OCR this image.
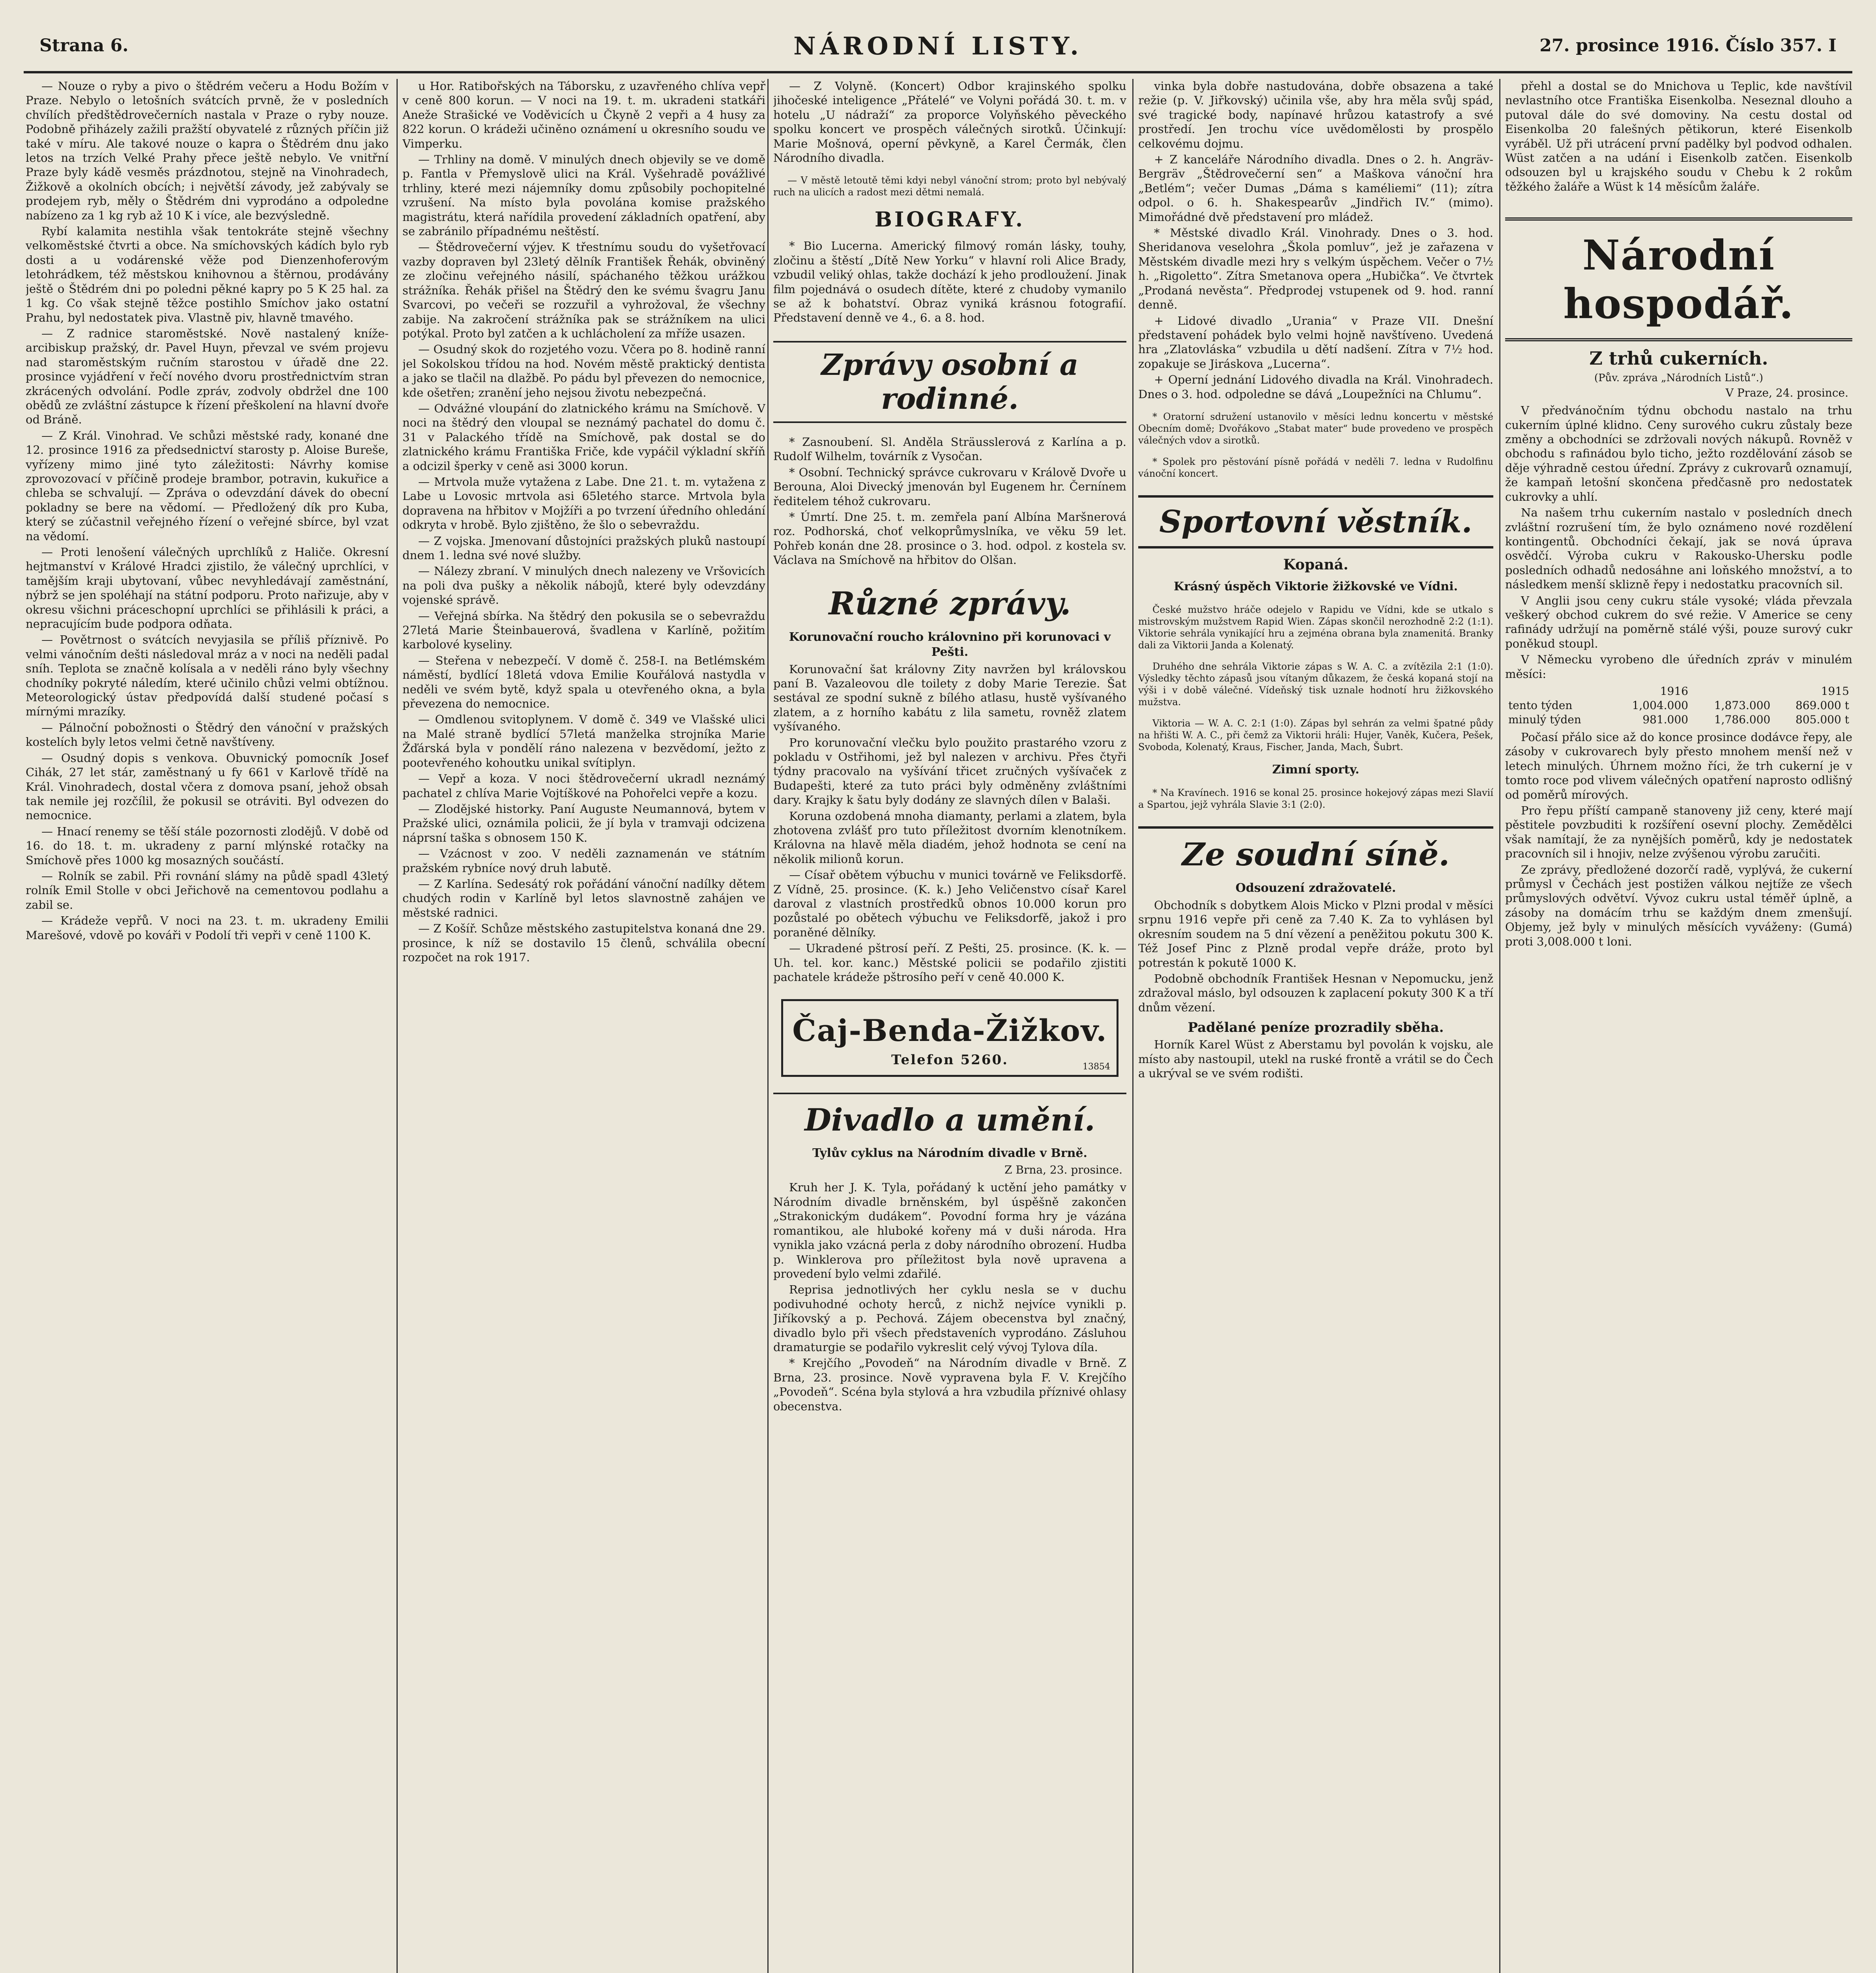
Strana 6.	NÁRODNÍ LISTY.	27. prosince 1916. Číslo 357. I

— Nouze o ryby a pivo o štědrém večeru a Hodu Božím v Praze. Nebylo o letošních svátcích prvně, že v posledních chvílích předštědrovečerních nastala v Praze o ryby nouze. Podobně přiházely zažili pražští obyvatelé z různých příčin již také v míru. Ale takové nouze o kapra o Štědrém dnu jako letos na trzích Velké Prahy přece ještě nebylo. Ve vnitřní Praze byly kádě vesměs prázdnotou, stejně na Vinohradech, Žižkově a okolních obcích; i největší závody, jež zabývaly se prodejem ryb, měly o Štědrém dni vyprodáno a odpoledne nabízeno za 1 kg ryb až 10 K i více, ale bezvýsledně.

Rybí kalamita nestihla však tentokráte stejně všechny velkoměstské čtvrti a obce. Na smíchovských kádích bylo ryb dosti a u vodárenské věže pod Dienzenhoferovým letohrádkem, též městskou knihovnou a štěrnou, prodávány ještě o Štědrém dni po poledni pěkné kapry po 5 K 25 hal. za 1 kg. Co však stejně těžce postihlo Smíchov jako ostatní Prahu, byl nedostatek piva. Vlastně piv, hlavně tmavého.

— Z radnice staroměstské. Nově nastalený kníže-arcibiskup pražský, dr. Pavel Huyn, převzal ve svém projevu nad staroměstským ručním starostou v úřadě dne 22. prosince vyjádření v řečí nového dvoru prostřednictvím stran zkrácených odvolání. Podle zpráv, zodvoly obdržel dne 100 obědů ze zvláštní zástupce k řízení přeškolení na hlavní dvoře od Bráně.

— Z Král. Vinohrad. Ve schůzi městské rady, konané dne 12. prosince 1916 za předsednictví starosty p. Aloise Bureše, vyřízeny mimo jiné tyto záležitosti: Návrhy komise zprovozovací v příčině prodeje brambor, potravin, kukuřice a chleba se schvalují. — Zpráva o odevzdání dávek do obecní pokladny se bere na vědomí. — Předložený dík pro Kuba, který se zúčastnil veřejného řízení o veřejné sbírce, byl vzat na vědomí.

— Proti lenošení válečných uprchlíků z Haliče. Okresní hejtmanství v Králové Hradci zjistilo, že válečný uprchlíci, v tamějším kraji ubytovaní, vůbec nevyhledávají zaměstnání, nýbrž se jen spoléhají na státní podporu. Proto nařizuje, aby v okresu všichni práceschopní uprchlíci se přihlásili k práci, a nepracujícím bude podpora odňata.

— Povětrnost o svátcích nevyjasila se příliš příznivě. Po velmi vánočním dešti následoval mráz a v noci na neděli padal sníh. Teplota se značně kolísala a v neděli ráno byly všechny chodníky pokryté náledím, které učinilo chůzi velmi obtížnou. Meteorologický ústav předpovídá další studené počasí s mírnými mrazíky.

— Pálnoční pobožnosti o Štědrý den vánoční v pražských kostelích byly letos velmi četně navštíveny.

— Osudný dopis s venkova. Obuvnický pomocník Josef Cihák, 27 let stár, zaměstnaný u fy 661 v Karlově třídě na Král. Vinohradech, dostal včera z domova psaní, jehož obsah tak nemile jej rozčílil, že pokusil se otráviti. Byl odvezen do nemocnice.

— Hnací renemy se těší stále pozornosti zlodějů. V době od 16. do 18. t. m. ukradeny z parní mlýnské rotačky na Smíchově přes 1000 kg mosazných součástí.

— Rolník se zabil. Při rovnání slámy na půdě spadl 43letý rolník Emil Stolle v obci Jeřichově na cementovou podlahu a zabil se.

— Krádeže vepřů. V noci na 23. t. m. ukradeny Emilii Marešové, vdově po kováři v Podolí tři vepři v ceně 1100 K.

u Hor. Ratibořských na Táborsku, z uzavřeného chlíva vepř v ceně 800 korun. — V noci na 19. t. m. ukradeni statkáři Aneže Strašické ve Voděvicích u Čkyně 2 vepři a 4 husy za 822 korun. O krádeži učiněno oznámení u okresního soudu ve Vimperku.

— Trhliny na domě. V minulých dnech objevily se ve domě p. Fantla v Přemyslově ulici na Král. Vyšehradě povážlivé trhliny, které mezi nájemníky domu způsobily pochopitelné vzrušení. Na místo byla povolána komise pražského magistrátu, která nařídila provedení základních opatření, aby se zabránilo případnému neštěstí.

— Štědrovečerní výjev. K třestnímu soudu do vyšetřovací vazby dopraven byl 23letý dělník František Řehák, obviněný ze zločinu veřejného násilí, spáchaného těžkou urážkou strážníka. Řehák přišel na Štědrý den ke svému švagru Janu Svarcovi, po večeři se rozzuřil a vyhrožoval, že všechny zabije. Na zakročení strážníka pak se strážníkem na ulici potýkal. Proto byl zatčen a k uchlácholení za mříže usazen.

— Osudný skok do rozjetého vozu. Včera po 8. hodině ranní jel Sokolskou třídou na hod. Novém městě praktický dentista a jako se tlačil na dlažbě. Po pádu byl převezen do nemocnice, kde ošetřen; zranění jeho nejsou životu nebezpečná.

— Odvážné vloupání do zlatnického krámu na Smíchově. V noci na štědrý den vloupal se neznámý pachatel do domu č. 31 v Palackého třídě na Smíchově, pak dostal se do zlatnického krámu Františka Friče, kde vypáčil výkladní skříň a odcizil šperky v ceně asi 3000 korun.

— Mrtvola muže vytažena z Labe. Dne 21. t. m. vytažena z Labe u Lovosic mrtvola asi 65letého starce. Mrtvola byla dopravena na hřbitov v Mojžíři a po tvrzení úředního ohledání odkryta v hrobě. Bylo zjištěno, že šlo o sebevraždu.

— Z vojska. Jmenovaní důstojníci pražských pluků nastoupí dnem 1. ledna své nové služby.

— Nálezy zbraní. V minulých dnech nalezeny ve Vršovicích na poli dva pušky a několik nábojů, které byly odevzdány vojenské správě.

— Veřejná sbírka. Na štědrý den pokusila se o sebevraždu 27letá Marie Šteinbauerová, švadlena v Karlíně, požitím karbolové kyseliny.

— Steřena v nebezpečí. V domě č. 258-I. na Betlémském náměstí, bydlící 18letá vdova Emilie Kouřálová nastydla v neděli ve svém bytě, když spala u otevřeného okna, a byla převezena do nemocnice.

— Omdlenou svitoplynem. V domě č. 349 ve Vlašské ulici na Malé straně bydlící 57letá manželka strojníka Marie Žďárská byla v pondělí ráno nalezena v bezvědomí, ježto z pootevřeného kohoutku unikal svítiplyn.

— Vepř a koza. V noci štědrovečerní ukradl neznámý pachatel z chlíva Marie Vojtíškové na Pohořelci vepře a kozu.

— Zlodějské historky. Paní Auguste Neumannová, bytem v Pražské ulici, oznámila policii, že jí byla v tramvaji odcizena náprsní taška s obnosem 150 K.

— Vzácnost v zoo. V neděli zaznamenán ve státním pražském rybníce nový druh labutě.

— Z Karlína. Sedesátý rok pořádání vánoční nadílky dětem chudých rodin v Karlíně byl letos slavnostně zahájen ve městské radnici.

— Z Košíř. Schůze městského zastupitelstva konaná dne 29. prosince, k níž se dostavilo 15 členů, schválila obecní rozpočet na rok 1917.

— Z Volyně. (Koncert) Odbor krajinského spolku jihočeské inteligence „Přátelé“ ve Volyni pořádá 30. t. m. v hotelu „U nádraží“ za proporce Volyňského pěveckého spolku koncert ve prospěch válečných sirotků. Účinkují: Marie Mošnová, operní pěvkyně, a Karel Čermák, člen Národního divadla.

— V městě letoutě těmi kdyi nebyl vánoční strom; proto byl nebývalý ruch na ulicích a radost mezi dětmi nemalá.

BIOGRAFY.

* Bio Lucerna. Americký filmový román lásky, touhy, zločinu a štěstí „Dítě New Yorku“ v hlavní roli Alice Brady, vzbudil veliký ohlas, takže dochází k jeho prodloužení. Jinak film pojednává o osudech dítěte, které z chudoby vymanilo se až k bohatství. Obraz vyniká krásnou fotografií. Představení denně ve 4., 6. a 8. hod.

Zprávy osobní a rodinné.

* Zasnoubení. Sl. Anděla Sträusslerová z Karlína a p. Rudolf Wilhelm, továrník z Vysočan.

* Osobní. Technický správce cukrovaru v Králově Dvoře u Berouna, Aloi Divecký jmenován byl Eugenem hr. Černínem ředitelem téhož cukrovaru.

* Úmrtí. Dne 25. t. m. zemřela paní Albína Maršnerová roz. Podhorská, choť velkoprůmyslníka, ve věku 59 let. Pohřeb konán dne 28. prosince o 3. hod. odpol. z kostela sv. Václava na Smíchově na hřbitov do Olšan.

Různé zprávy.
Korunovační roucho královnino při korunovaci v Pešti.

Korunovační šat královny Zity navržen byl královskou paní B. Vazaleovou dle toilety z doby Marie Terezie. Šat sestával ze spodní sukně z bílého atlasu, hustě vyšívaného zlatem, a z horního kabátu z lila sametu, rovněž zlatem vyšívaného.

Pro korunovační vlečku bylo použito prastarého vzoru z pokladu v Ostřihomi, jež byl nalezen v archivu. Přes čtyři týdny pracovalo na vyšívání třicet zručných vyšívaček z Budapešti, které za tuto práci byly odměněny zvláštními dary. Krajky k šatu byly dodány ze slavných dílen v Balaši.

Koruna ozdobená mnoha diamanty, perlami a zlatem, byla zhotovena zvlášť pro tuto příležitost dvorním klenotníkem. Královna na hlavě měla diadém, jehož hodnota se cení na několik milionů korun.

— Císař obětem výbuchu v munici továrně ve Feliksdorfě. Z Vídně, 25. prosince. (K. k.) Jeho Veličenstvo císař Karel daroval z vlastních prostředků obnos 10.000 korun pro pozůstalé po obětech výbuchu ve Feliksdorfě, jakož i pro poraněné dělníky.

— Ukradené pštrosí peří. Z Pešti, 25. prosince. (K. k. — Uh. tel. kor. kanc.) Městské policii se podařilo zjistiti pachatele krádeže pštrosího peří v ceně 40.000 K.

Čaj-Benda-Žižkov.
Telefon 5260.	13854
Divadlo a umění.
Tylův cyklus na Národním divadle v Brně.
Z Brna, 23. prosince.

Kruh her J. K. Tyla, pořádaný k uctění jeho památky v Národním divadle brněnském, byl úspěšně zakončen „Strakonickým dudákem“. Povodní forma hry je vázána romantikou, ale hluboké kořeny má v duši národa. Hra vynikla jako vzácná perla z doby národního obrození. Hudba p. Winklerova pro příležitost byla nově upravena a provedení bylo velmi zdařilé.

Reprisa jednotlivých her cyklu nesla se v duchu podivuhodné ochoty herců, z nichž nejvíce vynikli p. Jiříkovský a p. Pechová. Zájem obecenstva byl značný, divadlo bylo při všech představeních vyprodáno. Zásluhou dramaturgie se podařilo vykreslit celý vývoj Tylova díla.

* Krejčího „Povodeň“ na Národním divadle v Brně. Z Brna, 23. prosince. Nově vypravena byla F. V. Krejčího „Povodeň“. Scéna byla stylová a hra vzbudila příznivé ohlasy obecenstva.

vinka byla dobře nastudována, dobře obsazena a také režie (p. V. Jiřkovský) učinila vše, aby hra měla svůj spád, své tragické body, napínavé hrůzou katastrofy a své prostředí. Jen trochu více uvědomělosti by prospělo celkovému dojmu.

+ Z kanceláře Národního divadla. Dnes o 2. h. Angräv-Bergräv „Štědrovečerní sen“ a Maškova vánoční hra „Betlém“; večer Dumas „Dáma s kaméliemi“ (11); zítra odpol. o 6. h. Shakespearův „Jindřich IV.“ (mimo). Mimořádné dvě představení pro mládež.

* Městské divadlo Král. Vinohrady. Dnes o 3. hod. Sheridanova veselohra „Škola pomluv“, jež je zařazena v Městském divadle mezi hry s velkým úspěchem. Večer o 7½ h. „Rigoletto“. Zítra Smetanova opera „Hubička“. Ve čtvrtek „Prodaná nevěsta“. Předprodej vstupenek od 9. hod. ranní denně.

+ Lidové divadlo „Urania“ v Praze VII. Dnešní představení pohádek bylo velmi hojně navštíveno. Uvedená hra „Zlatovláska“ vzbudila u dětí nadšení. Zítra v 7½ hod. zopakuje se Jiráskova „Lucerna“.

+ Operní jednání Lidového divadla na Král. Vinohradech. Dnes o 3. hod. odpoledne se dává „Loupežníci na Chlumu“.

* Oratorní sdružení ustanovilo v měsíci lednu koncertu v městské Obecním domě; Dvořákovo „Stabat mater“ bude provedeno ve prospěch válečných vdov a sirotků.

* Spolek pro pěstování písně pořádá v neděli 7. ledna v Rudolfinu vánoční koncert.

Sportovní věstník.
Kopaná.
Krásný úspěch Viktorie žižkovské ve Vídni.

České mužstvo hráče odejelo v Rapidu ve Vídni, kde se utkalo s mistrovským mužstvem Rapid Wien. Zápas skončil nerozhodně 2:2 (1:1). Viktorie sehrála vynikající hru a zejména obrana byla znamenitá. Branky dali za Viktorii Janda a Kolenatý.

Druhého dne sehrála Viktorie zápas s W. A. C. a zvítězila 2:1 (1:0). Výsledky těchto zápasů jsou vítaným důkazem, že česká kopaná stojí na výši i v době válečné. Vídeňský tisk uznale hodnotí hru žižkovského mužstva.

Viktoria — W. A. C. 2:1 (1:0). Zápas byl sehrán za velmi špatné půdy na hřišti W. A. C., při čemž za Viktorii hráli: Hujer, Vaněk, Kučera, Pešek, Svoboda, Kolenatý, Kraus, Fischer, Janda, Mach, Šubrt.

Zimní sporty.

* Na Kravínech. 1916 se konal 25. prosince hokejový zápas mezi Slavií a Spartou, jejž vyhrála Slavie 3:1 (2:0).

Ze soudní síně.
Odsouzení zdražovatelé.

Obchodník s dobytkem Alois Micko v Plzni prodal v měsíci srpnu 1916 vepře při ceně za 7.40 K. Za to vyhlásen byl okresním soudem na 5 dní vězení a peněžitou pokutu 300 K. Též Josef Pinc z Plzně prodal vepře dráže, proto byl potrestán k pokutě 1000 K.

Podobně obchodník František Hesnan v Nepomucku, jenž zdražoval máslo, byl odsouzen k zaplacení pokuty 300 K a tří dnům vězení.

Padělané peníze prozradily sběha.

Horník Karel Wüst z Aberstamu byl povolán k vojsku, ale místo aby nastoupil, utekl na ruské frontě a vrátil se do Čech a ukrýval se ve svém rodišti.

přehl a dostal se do Mnichova u Teplic, kde navštívil nevlastního otce Františka Eisenkolba. Neseznal dlouho a putoval dále do své domoviny. Na cestu dostal od Eisenkolba 20 falešných pětikorun, které Eisenkolb vyráběl. Už při utrácení první padělky byl podvod odhalen. Wüst zatčen a na udání i Eisenkolb zatčen. Eisenkolb odsouzen byl u krajského soudu v Chebu k 2 rokům těžkého žaláře a Wüst k 14 měsícům žaláře.

Národní hospodář.
Z trhů cukerních.
(Pův. zpráva „Národních Listů“.)
V Praze, 24. prosince.

V předvánočním týdnu obchodu nastalo na trhu cukerním úplné klidno. Ceny surového cukru zůstaly beze změny a obchodníci se zdržovali nových nákupů. Rovněž v obchodu s rafinádou bylo ticho, ježto rozdělování zásob se děje výhradně cestou úřední. Zprávy z cukrovarů oznamují, že kampaň letošní skončena předčasně pro nedostatek cukrovky a uhlí.

Na našem trhu cukerním nastalo v posledních dnech zvláštní rozrušení tím, že bylo oznámeno nové rozdělení kontingentů. Obchodníci čekají, jak se nová úprava osvědčí. Výroba cukru v Rakousko-Uhersku podle posledních odhadů nedosáhne ani loňského množství, a to následkem menší sklizně řepy i nedostatku pracovních sil.

V Anglii jsou ceny cukru stále vysoké; vláda převzala veškerý obchod cukrem do své režie. V Americe se ceny rafinády udržují na poměrně stálé výši, pouze surový cukr poněkud stoupl.

V Německu vyrobeno dle úředních zpráv v minulém měsíci:

	1916		1915
tento týden	1,004.000	1,873.000	869.000 t
minulý týden	981.000	1,786.000	805.000 t

Počasí přálo sice až do konce prosince dodávce řepy, ale zásoby v cukrovarech byly přesto mnohem menší než v letech minulých. Úhrnem možno říci, že trh cukerní je v tomto roce pod vlivem válečných opatření naprosto odlišný od poměrů mírových.

Pro řepu příští campaně stanoveny již ceny, které mají pěstitele povzbuditi k rozšíření osevní plochy. Zemědělci však namítají, že za nynějších poměrů, kdy je nedostatek pracovních sil i hnojiv, nelze zvýšenou výrobu zaručiti.

Ze zprávy, předložené dozorčí radě, vyplývá, že cukerní průmysl v Čechách jest postižen válkou nejtíže ze všech průmyslových odvětví. Vývoz cukru ustal téměř úplně, a zásoby na domácím trhu se každým dnem zmenšují. Objemy, jež byly v minulých měsících vyváženy: (Gumá) proti 3,008.000 t loni.
